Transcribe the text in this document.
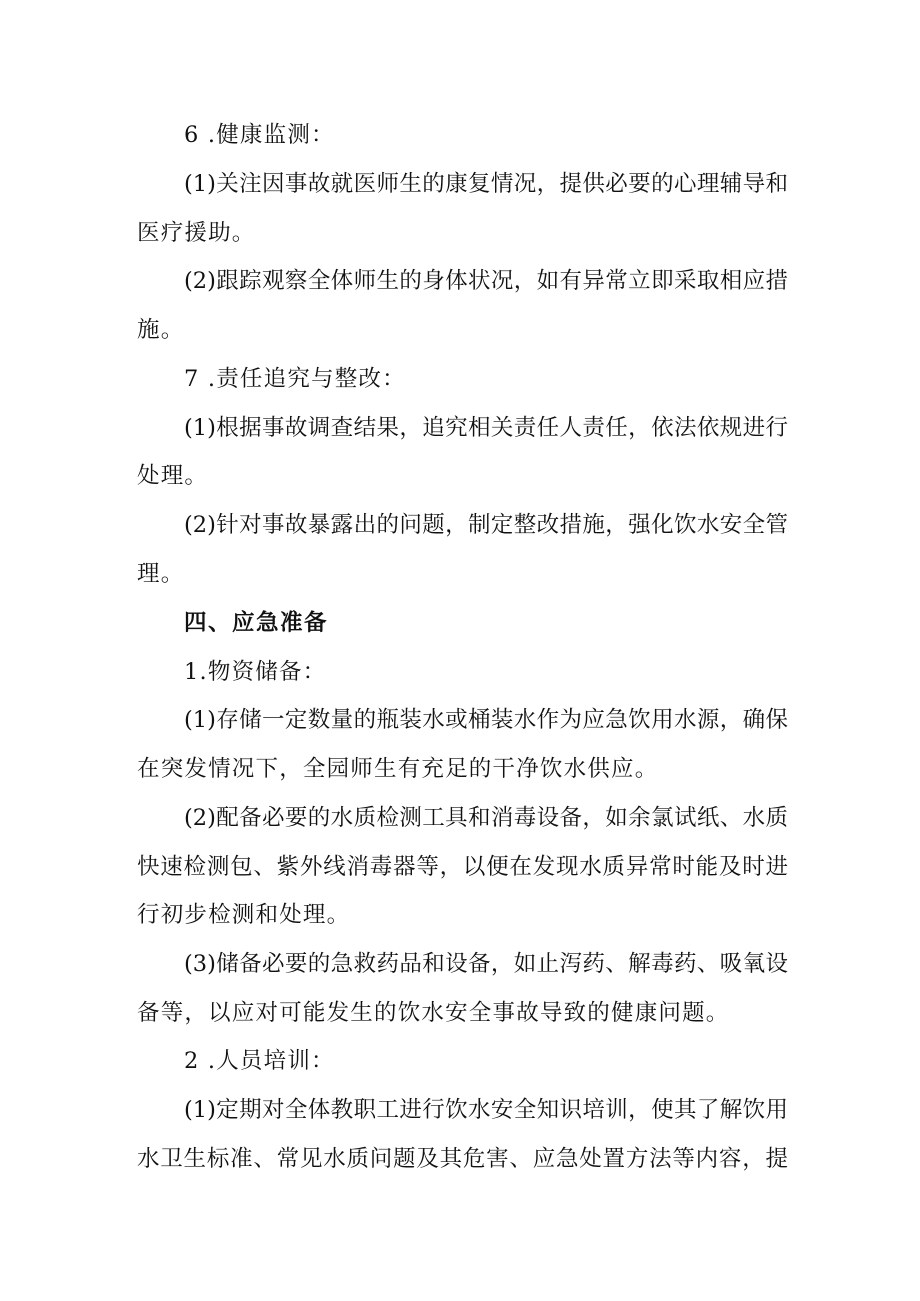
6 .健康监测：
(1)关注因事故就医师生的康复情况，提供必要的心理辅导和
医疗援助。
(2)跟踪观察全体师生的身体状况，如有异常立即采取相应措
施。
7 .责任追究与整改：
(1)根据事故调查结果，追究相关责任人责任，依法依规进行
处理。
(2)针对事故暴露出的问题，制定整改措施，强化饮水安全管
理。
四、应急准备
1.物资储备：
(1)存储一定数量的瓶装水或桶装水作为应急饮用水源，确保
在突发情况下，全园师生有充足的干净饮水供应。
(2)配备必要的水质检测工具和消毒设备，如余氯试纸、水质
快速检测包、紫外线消毒器等，以便在发现水质异常时能及时进
行初步检测和处理。
(3)储备必要的急救药品和设备，如止泻药、解毒药、吸氧设
备等，以应对可能发生的饮水安全事故导致的健康问题。
2 .人员培训：
(1)定期对全体教职工进行饮水安全知识培训，使其了解饮用
水卫生标准、常见水质问题及其危害、应急处置方法等内容，提
